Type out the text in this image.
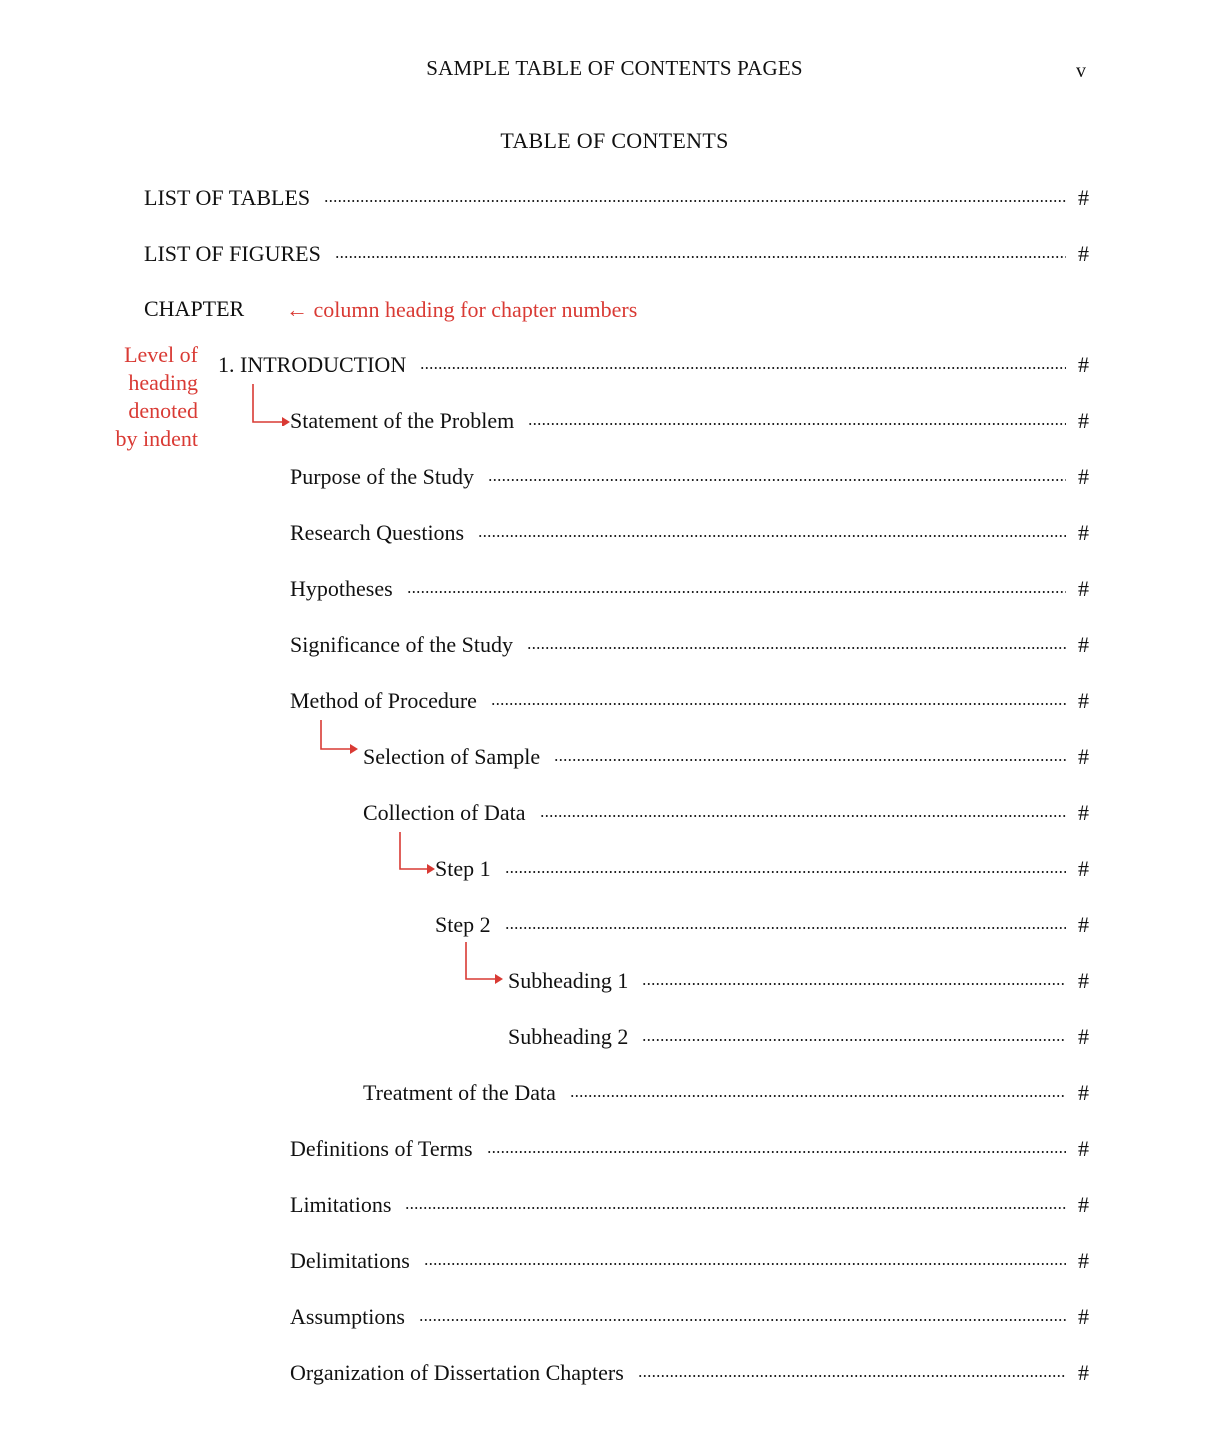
SAMPLE TABLE OF CONTENTS PAGES	v
TABLE OF CONTENTS
LIST OF TABLES	#
LIST OF FIGURES	#
CHAPTER ← column heading for chapter numbers
Level of
heading
denoted
by indent
1. INTRODUCTION	#
Statement of the Problem	#
Purpose of the Study	#
Research Questions	#
Hypotheses	#
Significance of the Study	#
Method of Procedure	#
Selection of Sample	#
Collection of Data	#
Step 1	#
Step 2	#
Subheading 1	#
Subheading 2	#
Treatment of the Data	#
Definitions of Terms	#
Limitations	#
Delimitations	#
Assumptions	#
Organization of Dissertation Chapters	#
